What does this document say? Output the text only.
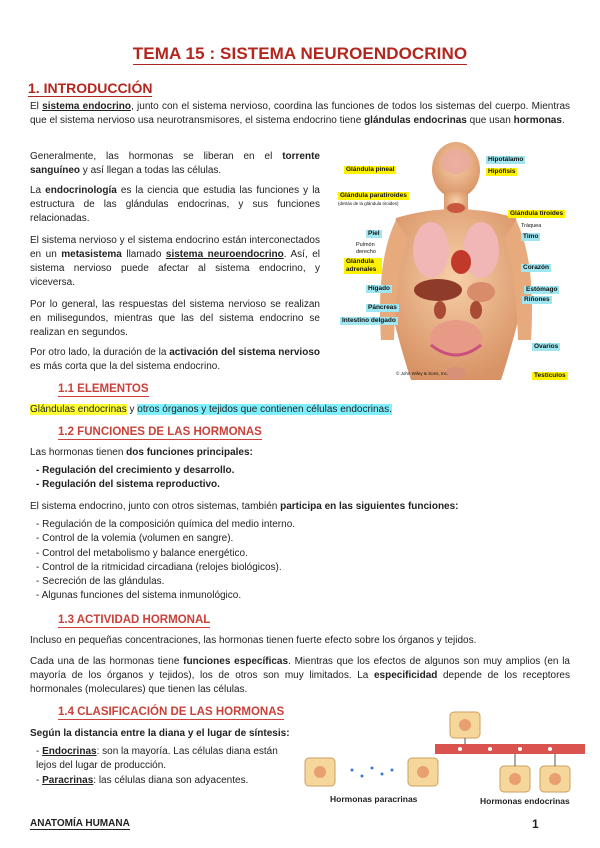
TEMA 15 : SISTEMA NEUROENDOCRINO
1. INTRODUCCIÓN
El sistema endocrino, junto con el sistema nervioso, coordina las funciones de todos los sistemas del cuerpo. Mientras que el sistema nervioso usa neurotransmisores, el sistema endocrino tiene glándulas endocrinas que usan hormonas.
Generalmente, las hormonas se liberan en el torrente sanguíneo y así llegan a todas las células.
La endocrinología es la ciencia que estudia las funciones y la estructura de las glándulas endocrinas, y sus funciones relacionadas.
El sistema nervioso y el sistema endocrino están interconectados en un metasistema llamado sistema neuroendocrino. Así, el sistema nervioso puede afectar al sistema endocrino, y viceversa.
Por lo general, las respuestas del sistema nervioso se realizan en milisegundos, mientras que las del sistema endocrino se realizan en segundos.
Por otro lado, la duración de la activación del sistema nervioso es más corta que la del sistema endocrino.
Glándula pineal
Glándula paratiroides
(detrás de la glándula tiroides)
Piel
Pulmón
derecho
Glándula adrenales
Hígado
Páncreas
Intestino delgado
Hipotálamo
Hipófisis
Glándula tiroides
Tráquea
Timo
Corazón
Estómago
Riñones
Ovarios
Testículos
© John Wiley & Sons, Inc.
1.1 ELEMENTOS
Glándulas endocrinas y otros órganos y tejidos que contienen células endocrinas.
1.2 FUNCIONES DE LAS HORMONAS
Las hormonas tienen dos funciones principales:
- Regulación del crecimiento y desarrollo.
- Regulación del sistema reproductivo.
El sistema endocrino, junto con otros sistemas, también participa en las siguientes funciones:
- Regulación de la composición química del medio interno.
- Control de la volemia (volumen en sangre).
- Control del metabolismo y balance energético.
- Control de la ritmicidad circadiana (relojes biológicos).
- Secreción de las glándulas.
- Algunas funciones del sistema inmunológico.
1.3 ACTIVIDAD HORMONAL
Incluso en pequeñas concentraciones, las hormonas tienen fuerte efecto sobre los órganos y tejidos.
Cada una de las hormonas tiene funciones específicas. Mientras que los efectos de algunos son muy amplios (en la mayoría de los órganos y tejidos), los de otros son muy limitados. La especificidad depende de los receptores hormonales (moleculares) que tienen las células.
1.4 CLASIFICACIÓN DE LAS HORMONAS
Según la distancia entre la diana y el lugar de síntesis:
- Endocrinas: son la mayoría. Las células diana están lejos del lugar de producción.
- Paracrinas: las células diana son adyacentes.
Hormonas paracrinas	Hormonas endocrinas
ANATOMÍA HUMANA	1
